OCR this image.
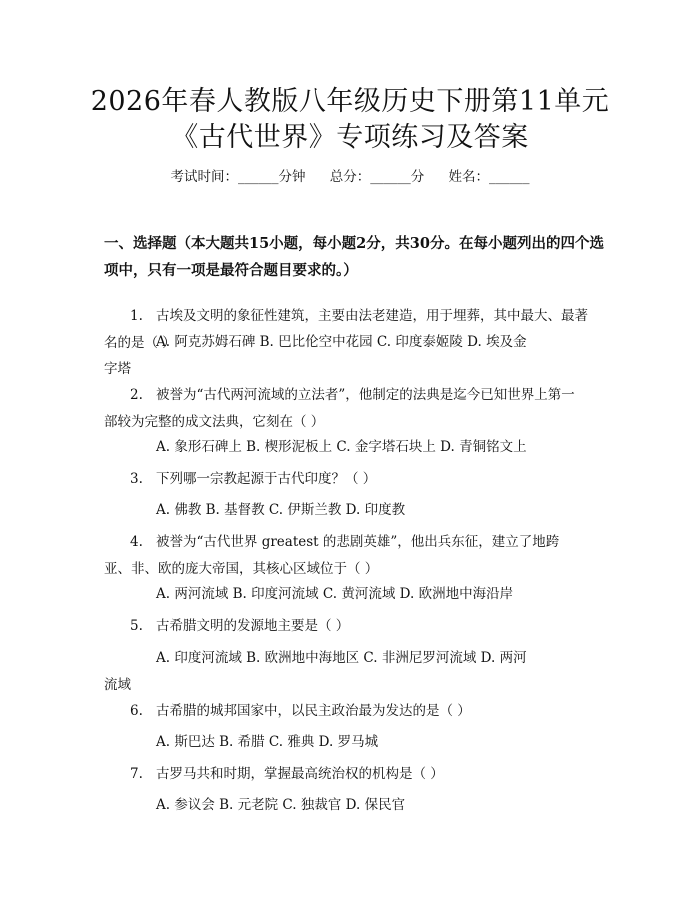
2026年春人教版八年级历史下册第11单元
《古代世界》专项练习及答案
考试时间：______分钟 总分：______分 姓名：______
一、选择题（本大题共15小题，每小题2分，共30分。在每小题列出的四个选
项中，只有一项是最符合题目要求的。）
1. 古埃及文明的象征性建筑，主要由法老建造，用于埋葬，其中最大、最著
名的是（ ）
A. 阿克苏姆石碑 B. 巴比伦空中花园 C. 印度泰姬陵 D. 埃及金
字塔
2. 被誉为“古代两河流域的立法者”，他制定的法典是迄今已知世界上第一
部较为完整的成文法典，它刻在（ ）
A. 象形石碑上 B. 楔形泥板上 C. 金字塔石块上 D. 青铜铭文上
3. 下列哪一宗教起源于古代印度？（ ）
A. 佛教 B. 基督教 C. 伊斯兰教 D. 印度教
4. 被誉为“古代世界 greatest 的悲剧英雄”，他出兵东征，建立了地跨
亚、非、欧的庞大帝国，其核心区域位于（ ）
A. 两河流域 B. 印度河流域 C. 黄河流域 D. 欧洲地中海沿岸
5. 古希腊文明的发源地主要是（ ）
A. 印度河流域 B. 欧洲地中海地区 C. 非洲尼罗河流域 D. 两河
流域
6. 古希腊的城邦国家中，以民主政治最为发达的是（ ）
A. 斯巴达 B. 希腊 C. 雅典 D. 罗马城
7. 古罗马共和时期，掌握最高统治权的机构是（ ）
A. 参议会 B. 元老院 C. 独裁官 D. 保民官
